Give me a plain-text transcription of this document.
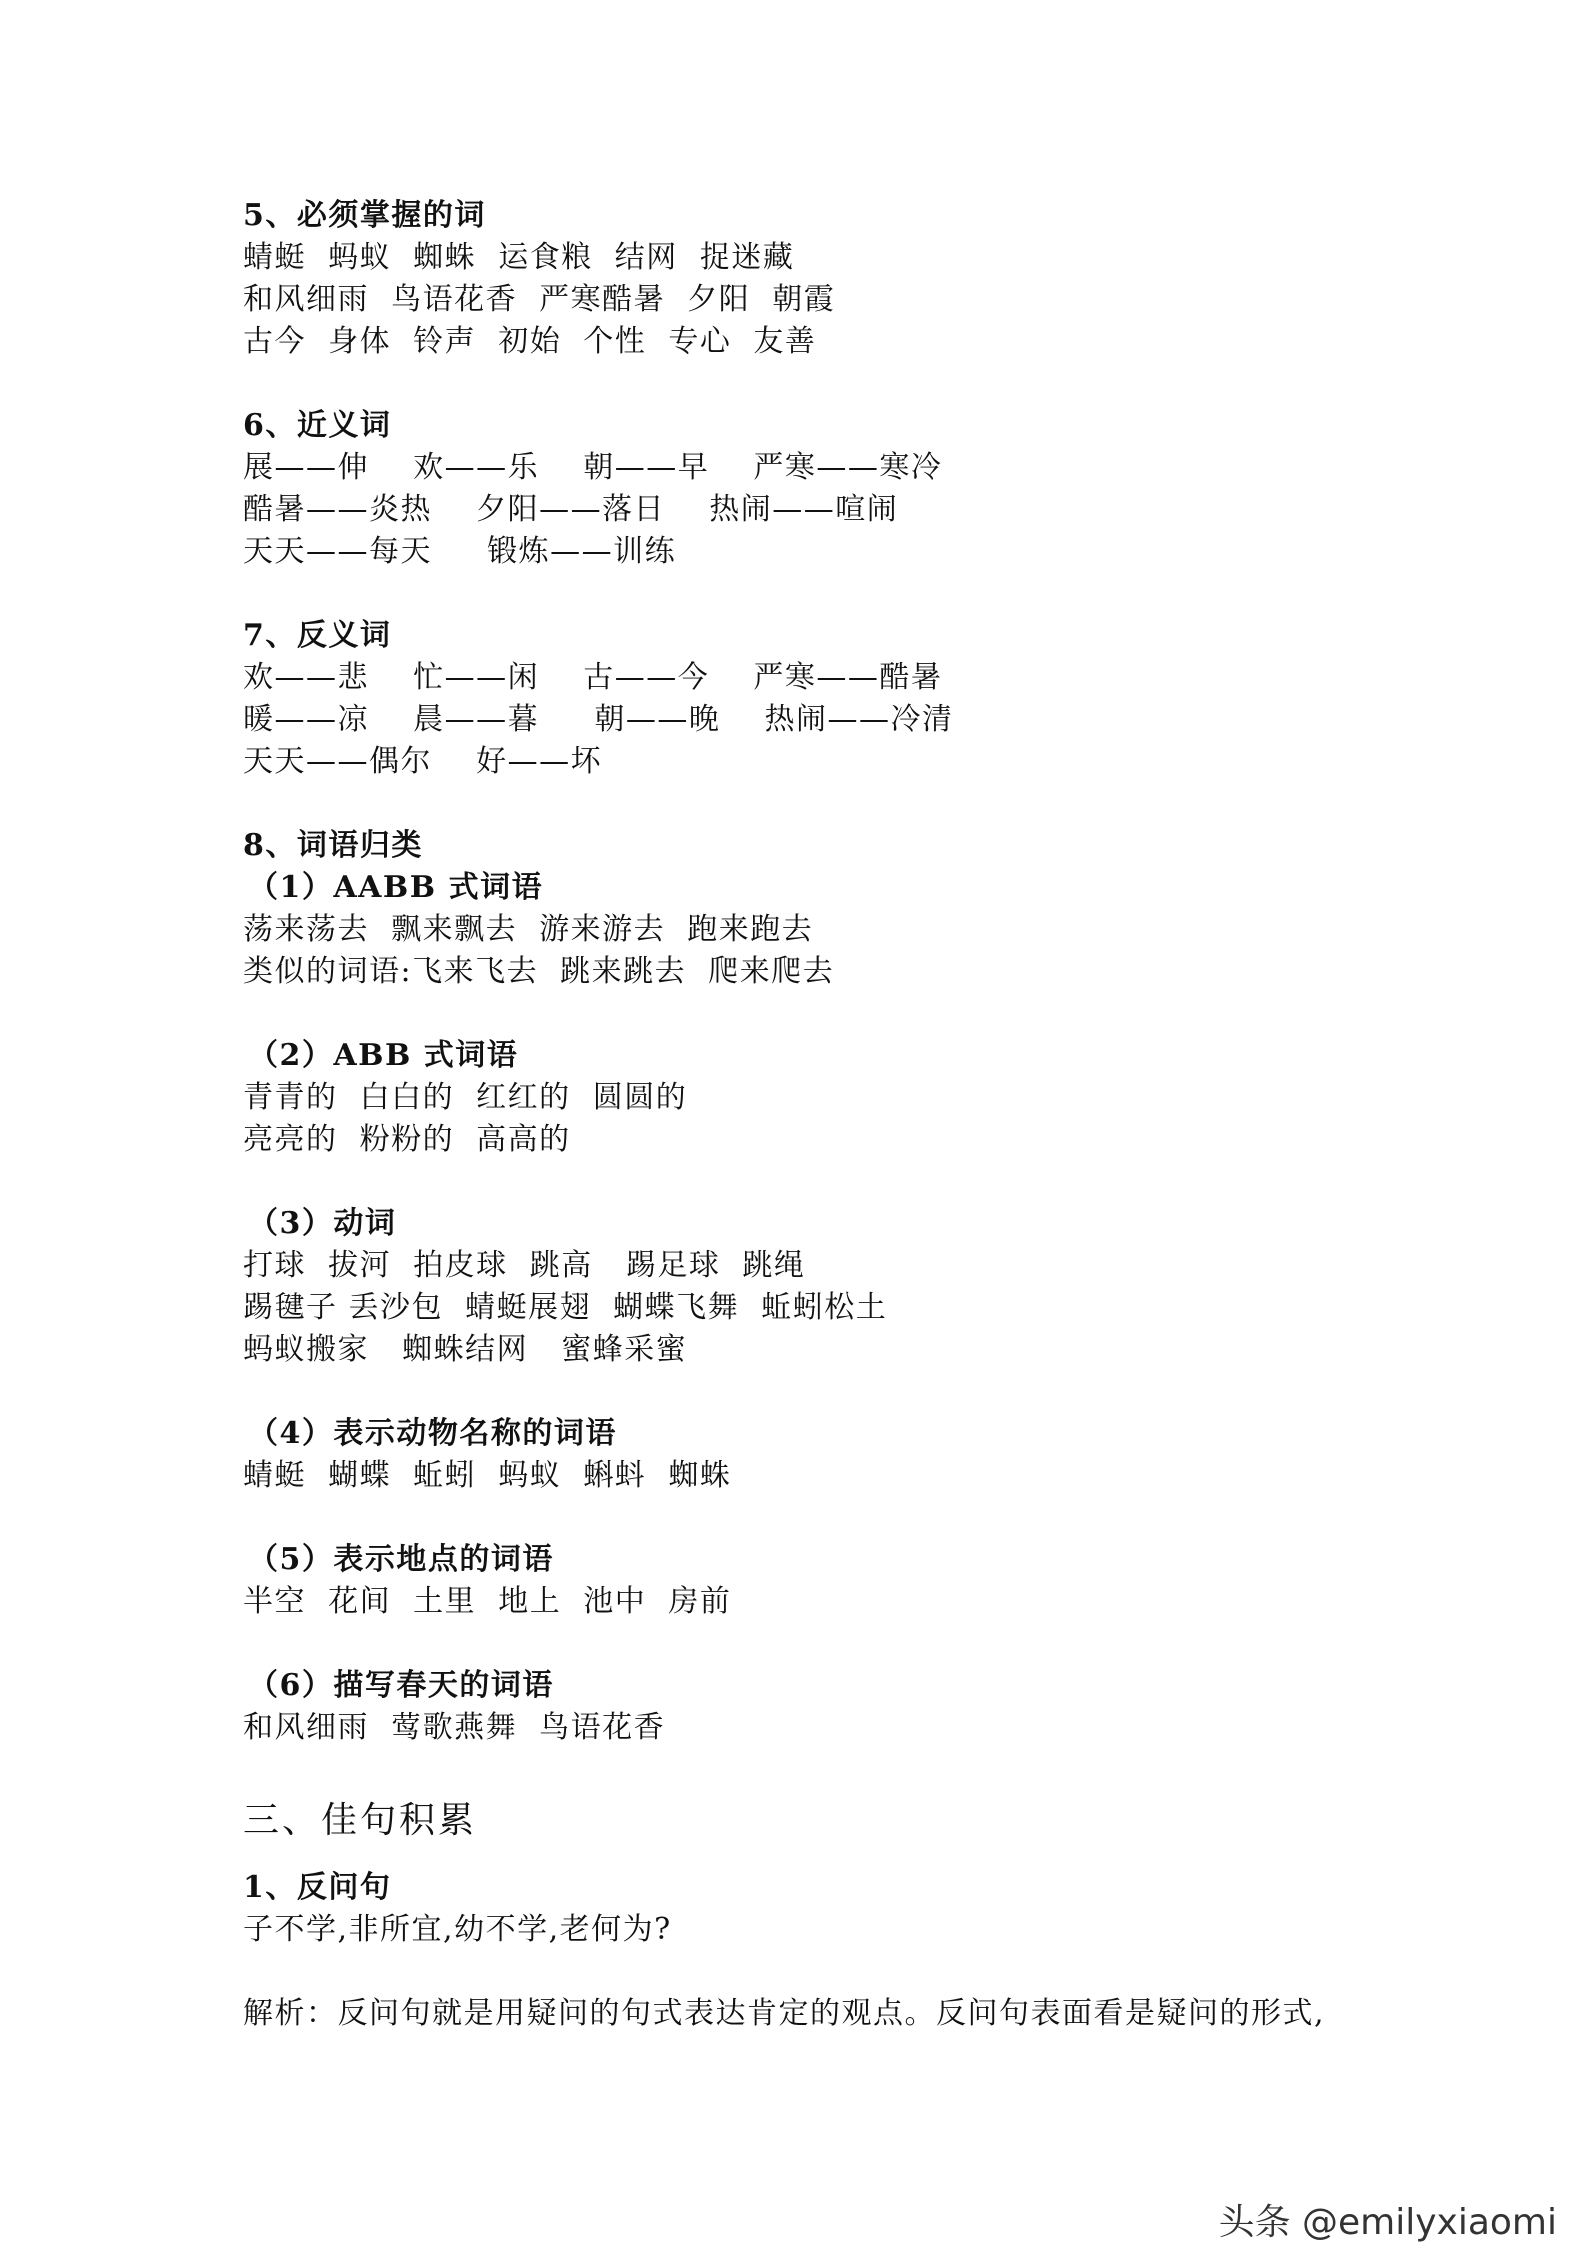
5、必须掌握的词
蜻蜓  蚂蚁  蜘蛛  运食粮  结网  捉迷藏
和风细雨  鸟语花香  严寒酷暑  夕阳  朝霞
古今  身体  铃声  初始  个性  专心  友善
6、近义词
展——伸    欢——乐    朝——早    严寒——寒冷
酷暑——炎热    夕阳——落日    热闹——喧闹
天天——每天     锻炼——训练
7、反义词
欢——悲    忙——闲    古——今    严寒——酷暑
暖——凉    晨——暮     朝——晚    热闹——冷清
天天——偶尔    好——坏
8、词语归类
（1）AABB 式词语
荡来荡去  飘来飘去  游来游去  跑来跑去
类似的词语:飞来飞去  跳来跳去  爬来爬去
（2）ABB 式词语
青青的  白白的  红红的  圆圆的
亮亮的  粉粉的  高高的
（3）动词
打球  拔河  拍皮球  跳高   踢足球  跳绳
踢毽子 丢沙包  蜻蜓展翅  蝴蝶飞舞  蚯蚓松土
蚂蚁搬家   蜘蛛结网   蜜蜂采蜜
（4）表示动物名称的词语
蜻蜓  蝴蝶  蚯蚓  蚂蚁  蝌蚪  蜘蛛
（5）表示地点的词语
半空  花间  土里  地上  池中  房前
（6）描写春天的词语
和风细雨  莺歌燕舞  鸟语花香
三、佳句积累
1、反问句
子不学,非所宜,幼不学,老何为?
解析：反问句就是用疑问的句式表达肯定的观点。反问句表面看是疑问的形式,
头条 @emilyxiaomi
